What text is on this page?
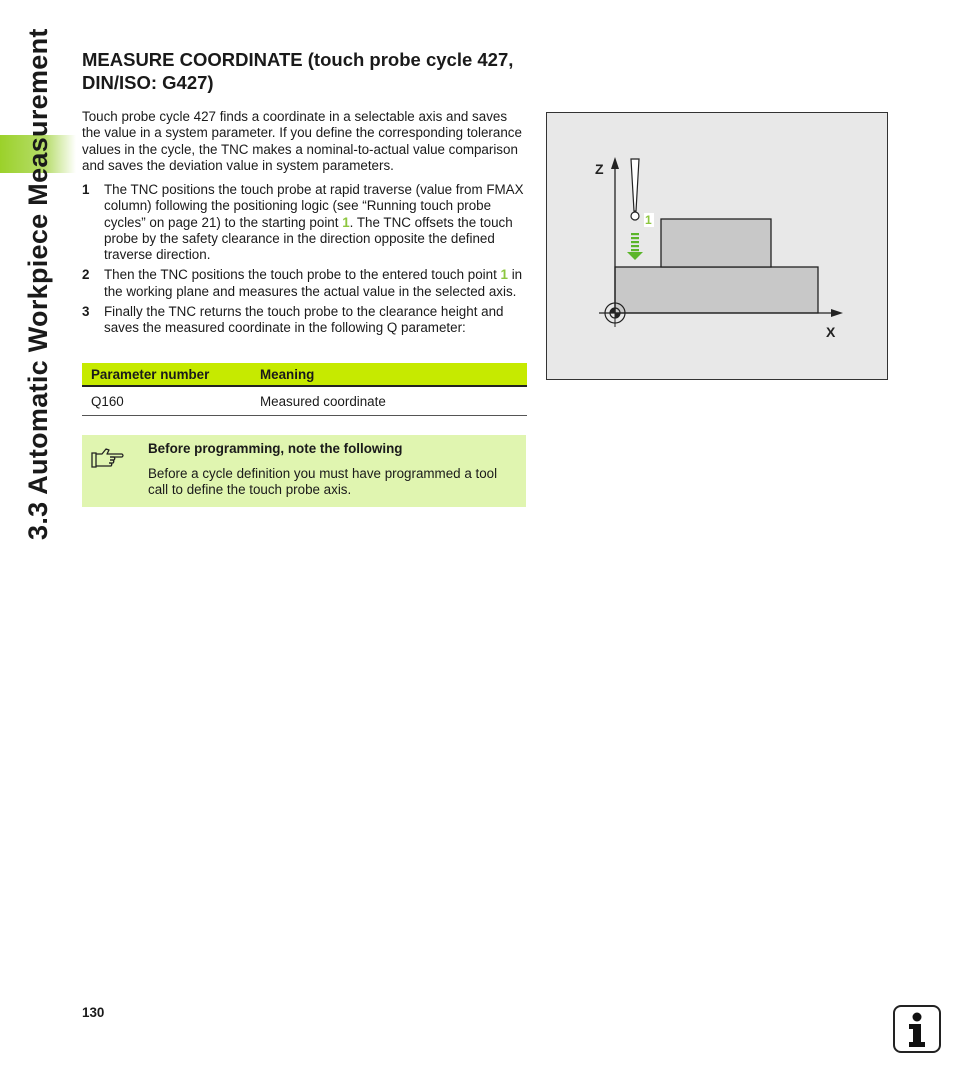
3.3 Automatic Workpiece Measurement MEASURE COORDINATE (touch probe cycle 427, DIN/ISO: G427)

Touch probe cycle 427 finds a coordinate in a selectable axis and saves the value in a system parameter. If you define the corresponding tolerance values in the cycle, the TNC makes a nominal-to-actual value comparison and saves the deviation value in system parameters.

1 The TNC positions the touch probe at rapid traverse (value from FMAX column) following the positioning logic (see “Running touch probe cycles” on page 21) to the starting point 1. The TNC offsets the touch probe by the safety clearance in the direction opposite the defined traverse direction.
2 Then the TNC positions the touch probe to the entered touch point 1 in the working plane and measures the actual value in the selected axis.
3 Finally the TNC returns the touch probe to the clearance height and saves the measured coordinate in the following Q parameter:
Parameter number	Meaning
Q160	Measured coordinate
Before programming, note the following
Before a cycle definition you must have programmed a tool call to define the touch probe axis.
Z
X
1
130
